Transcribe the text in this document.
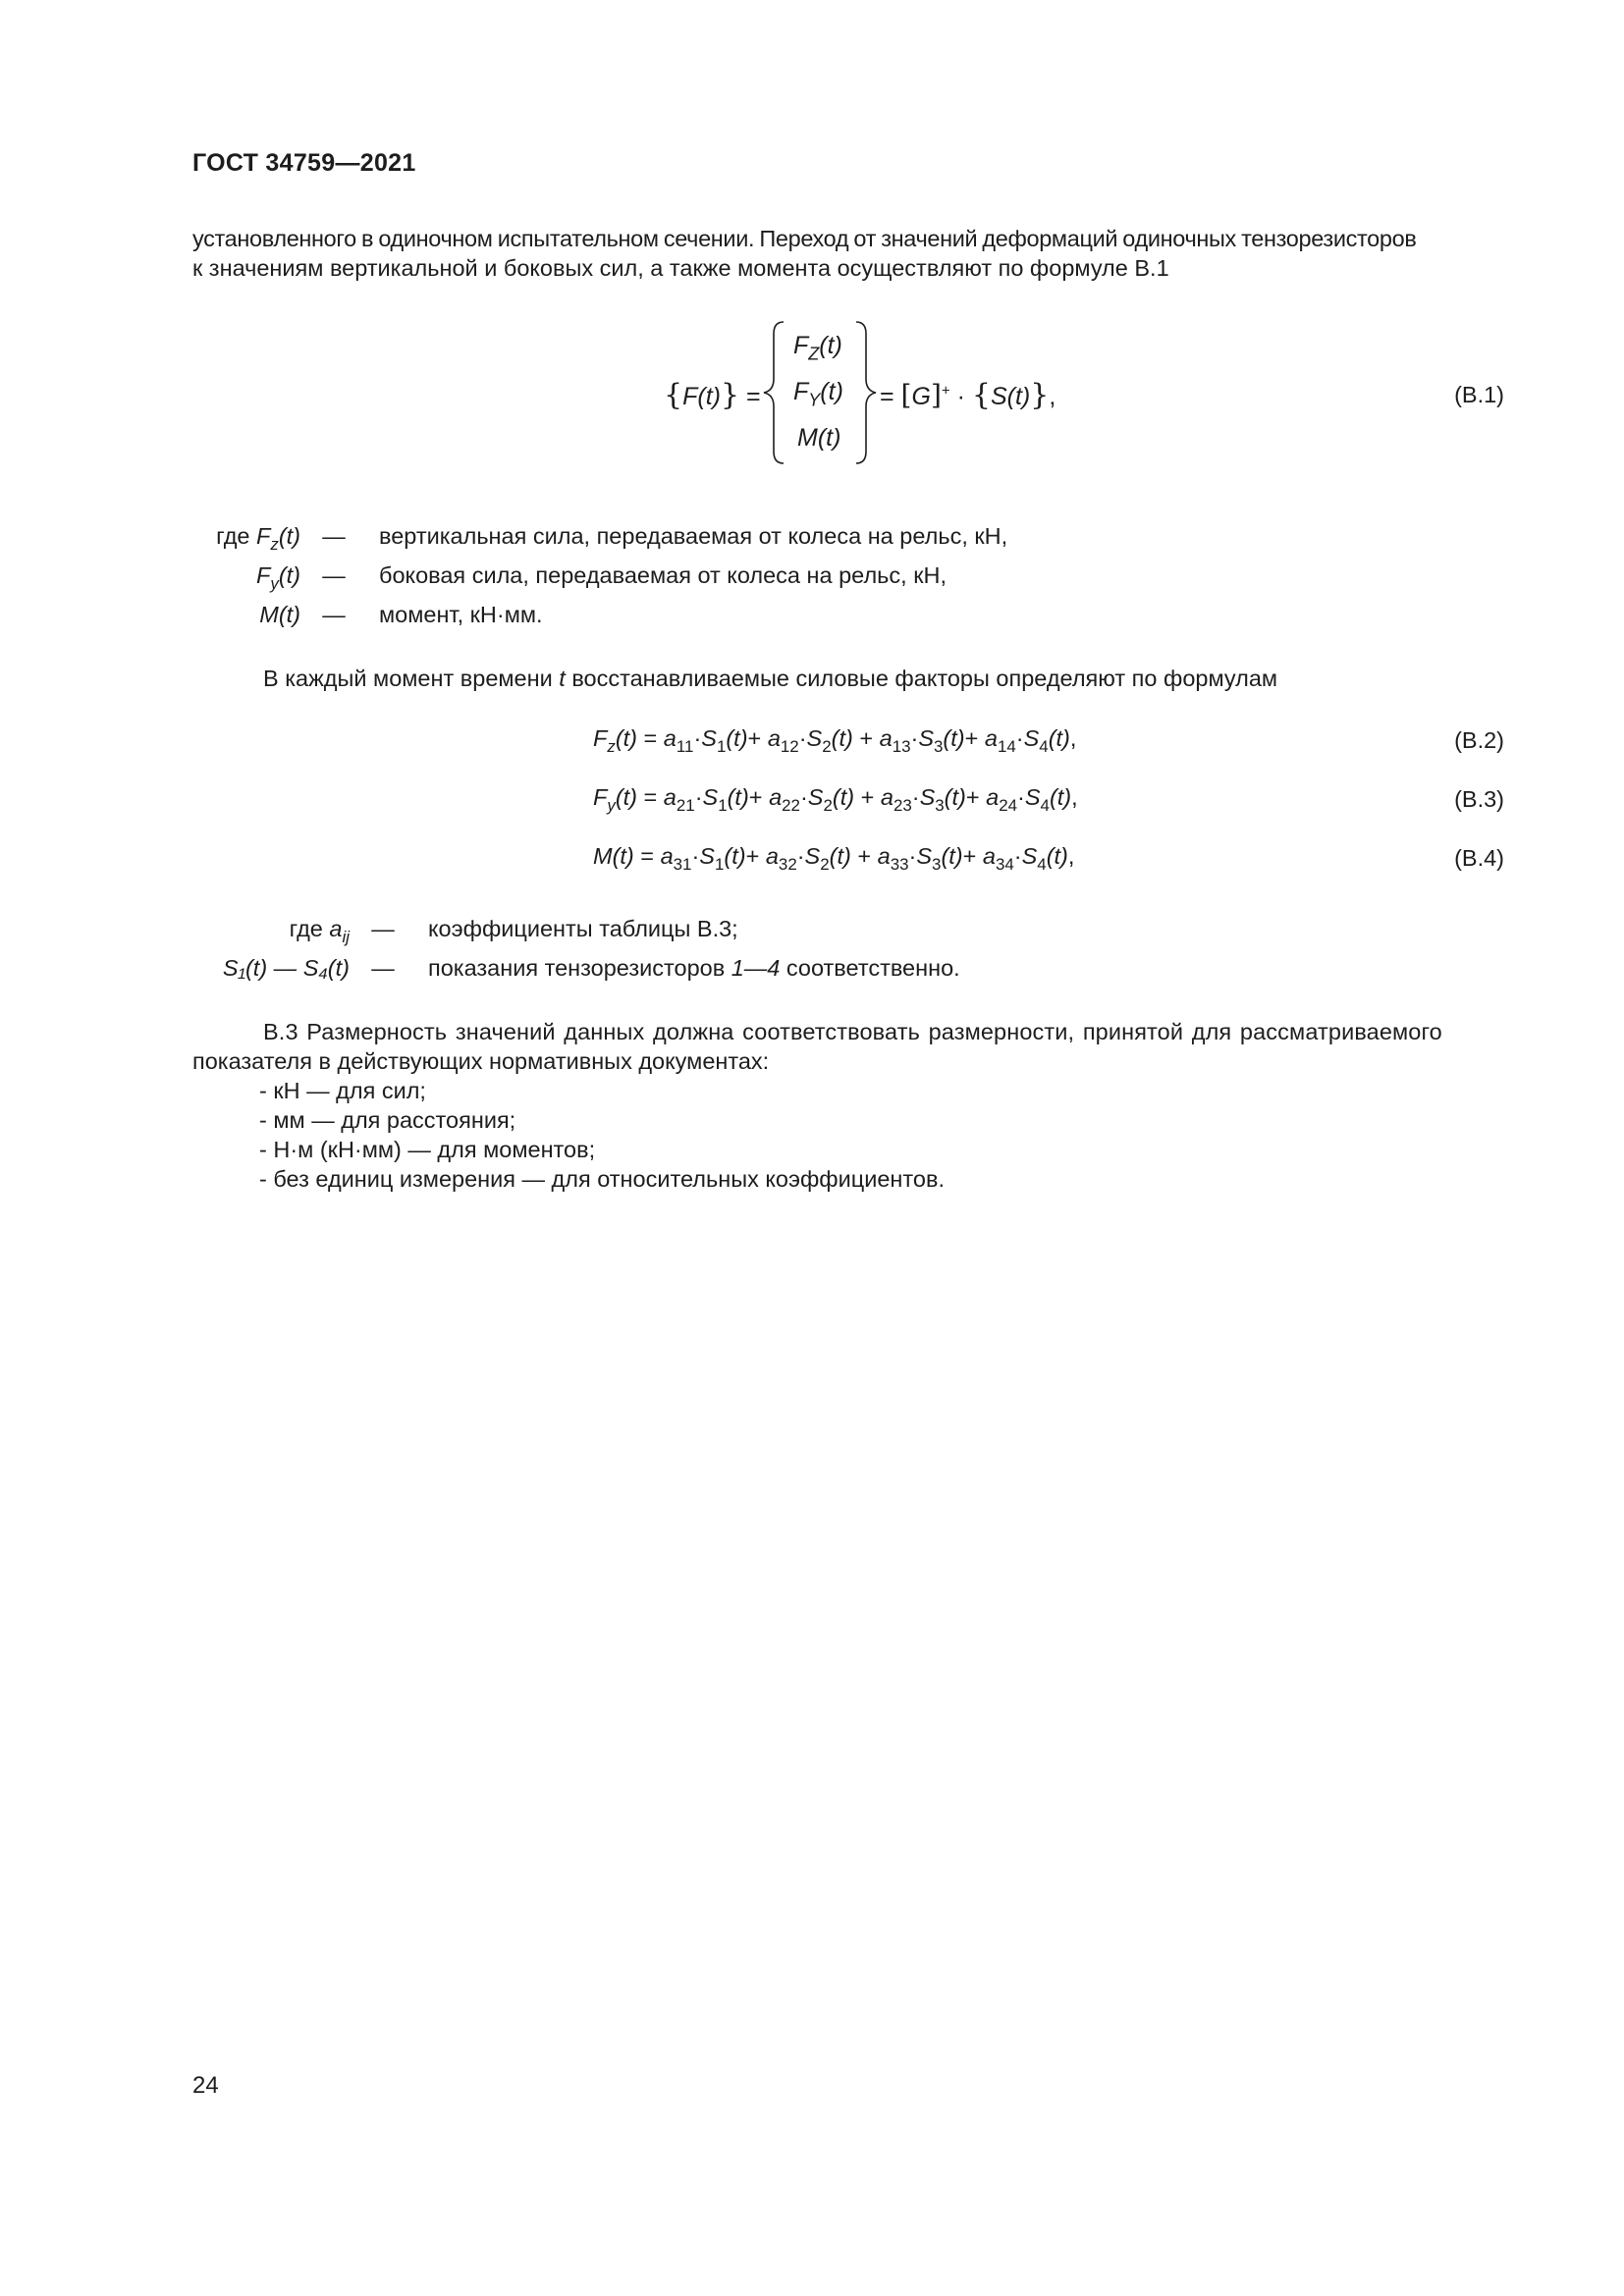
ГОСТ 34759—2021
установленного в одиночном испытательном сечении. Переход от значений деформаций одиночных тензорезисторов
к значениям вертикальной и боковых сил, а также момента осуществляют по формуле В.1
{F(t)} =
$F_Z(t)$
$F_Y(t)$
M(t)
= [G]+ · {S(t)},	(В.1)
где $F_z(t)$ —	вертикальная сила, передаваемая от колеса на рельс, кН,
$F_y(t)$ —	боковая сила, передаваемая от колеса на рельс, кН,
M(t) —	момент, кН·мм.
В каждый момент времени t восстанавливаемые силовые факторы определяют по формулам
$F_z(t) = a_{11}\cdot S_1(t)+ a_{12}\cdot S_2(t) + a_{13}\cdot S_3(t)+ a_{14}\cdot S_4(t)$,	(В.2)
$F_y(t) = a_{21}\cdot S_1(t)+ a_{22}\cdot S_2(t) + a_{23}\cdot S_3(t)+ a_{24}\cdot S_4(t)$,	(В.3)
$M(t) = a_{31}\cdot S_1(t)+ a_{32}\cdot S_2(t) + a_{33}\cdot S_3(t)+ a_{34}\cdot S_4(t)$,	(В.4)
где $a_{ij}$ —	коэффициенты таблицы В.3;
S₁(t) — S₄(t) —	показания тензорезисторов 1—4 соответственно.
В.3 Размерность значений данных должна соответствовать размерности, принятой для рассматриваемого
показателя в действующих нормативных документах:
- кН — для сил;
- мм — для расстояния;
- Н·м (кН·мм) — для моментов;
- без единиц измерения — для относительных коэффициентов.
24
